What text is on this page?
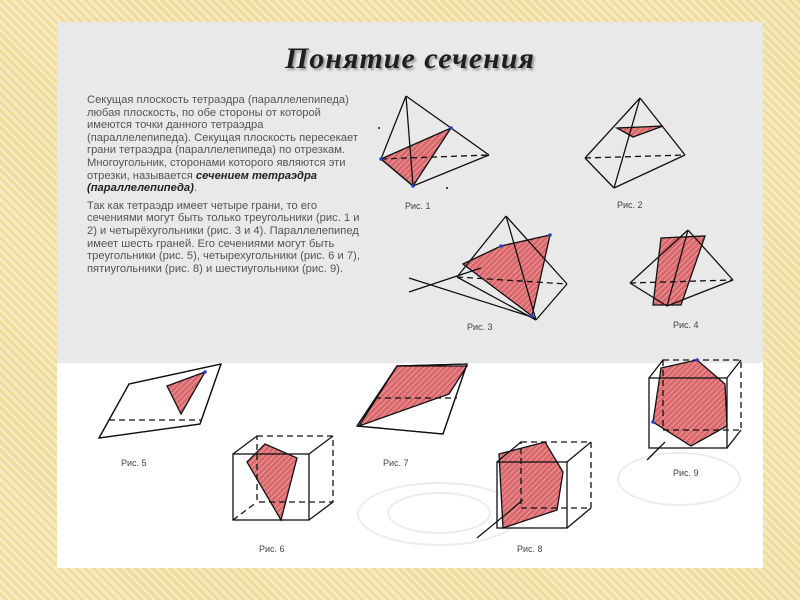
Понятие сечения

Секущая плоскость тетраэдра (параллелепипеда) любая плоскость, по обе стороны от которой имеются точки данного тетраэдра (параллелепипеда). Секущая плоскость пересекает грани тетраэдра (параллелепипеда) по отрезкам. Многоугольник, сторонами которого являются эти отрезки, называется сечением тетраэдра (параллелепипеда).

Так как тетраэдр имеет четыре грани, то его сечениями могут быть только треугольники (рис. 1 и 2) и четырёхугольники (рис. 3 и 4). Параллелепипед имеет шесть граней. Его сечениями могут быть треугольники (рис. 5), четырехугольники (рис. 6 и 7), пятиугольники (рис. 8) и шестиугольники (рис. 9).

Рис. 1	Рис. 2
Рис. 3	Рис. 4
Рис. 5
Рис. 6
Рис. 7
Рис. 8
Рис. 9
